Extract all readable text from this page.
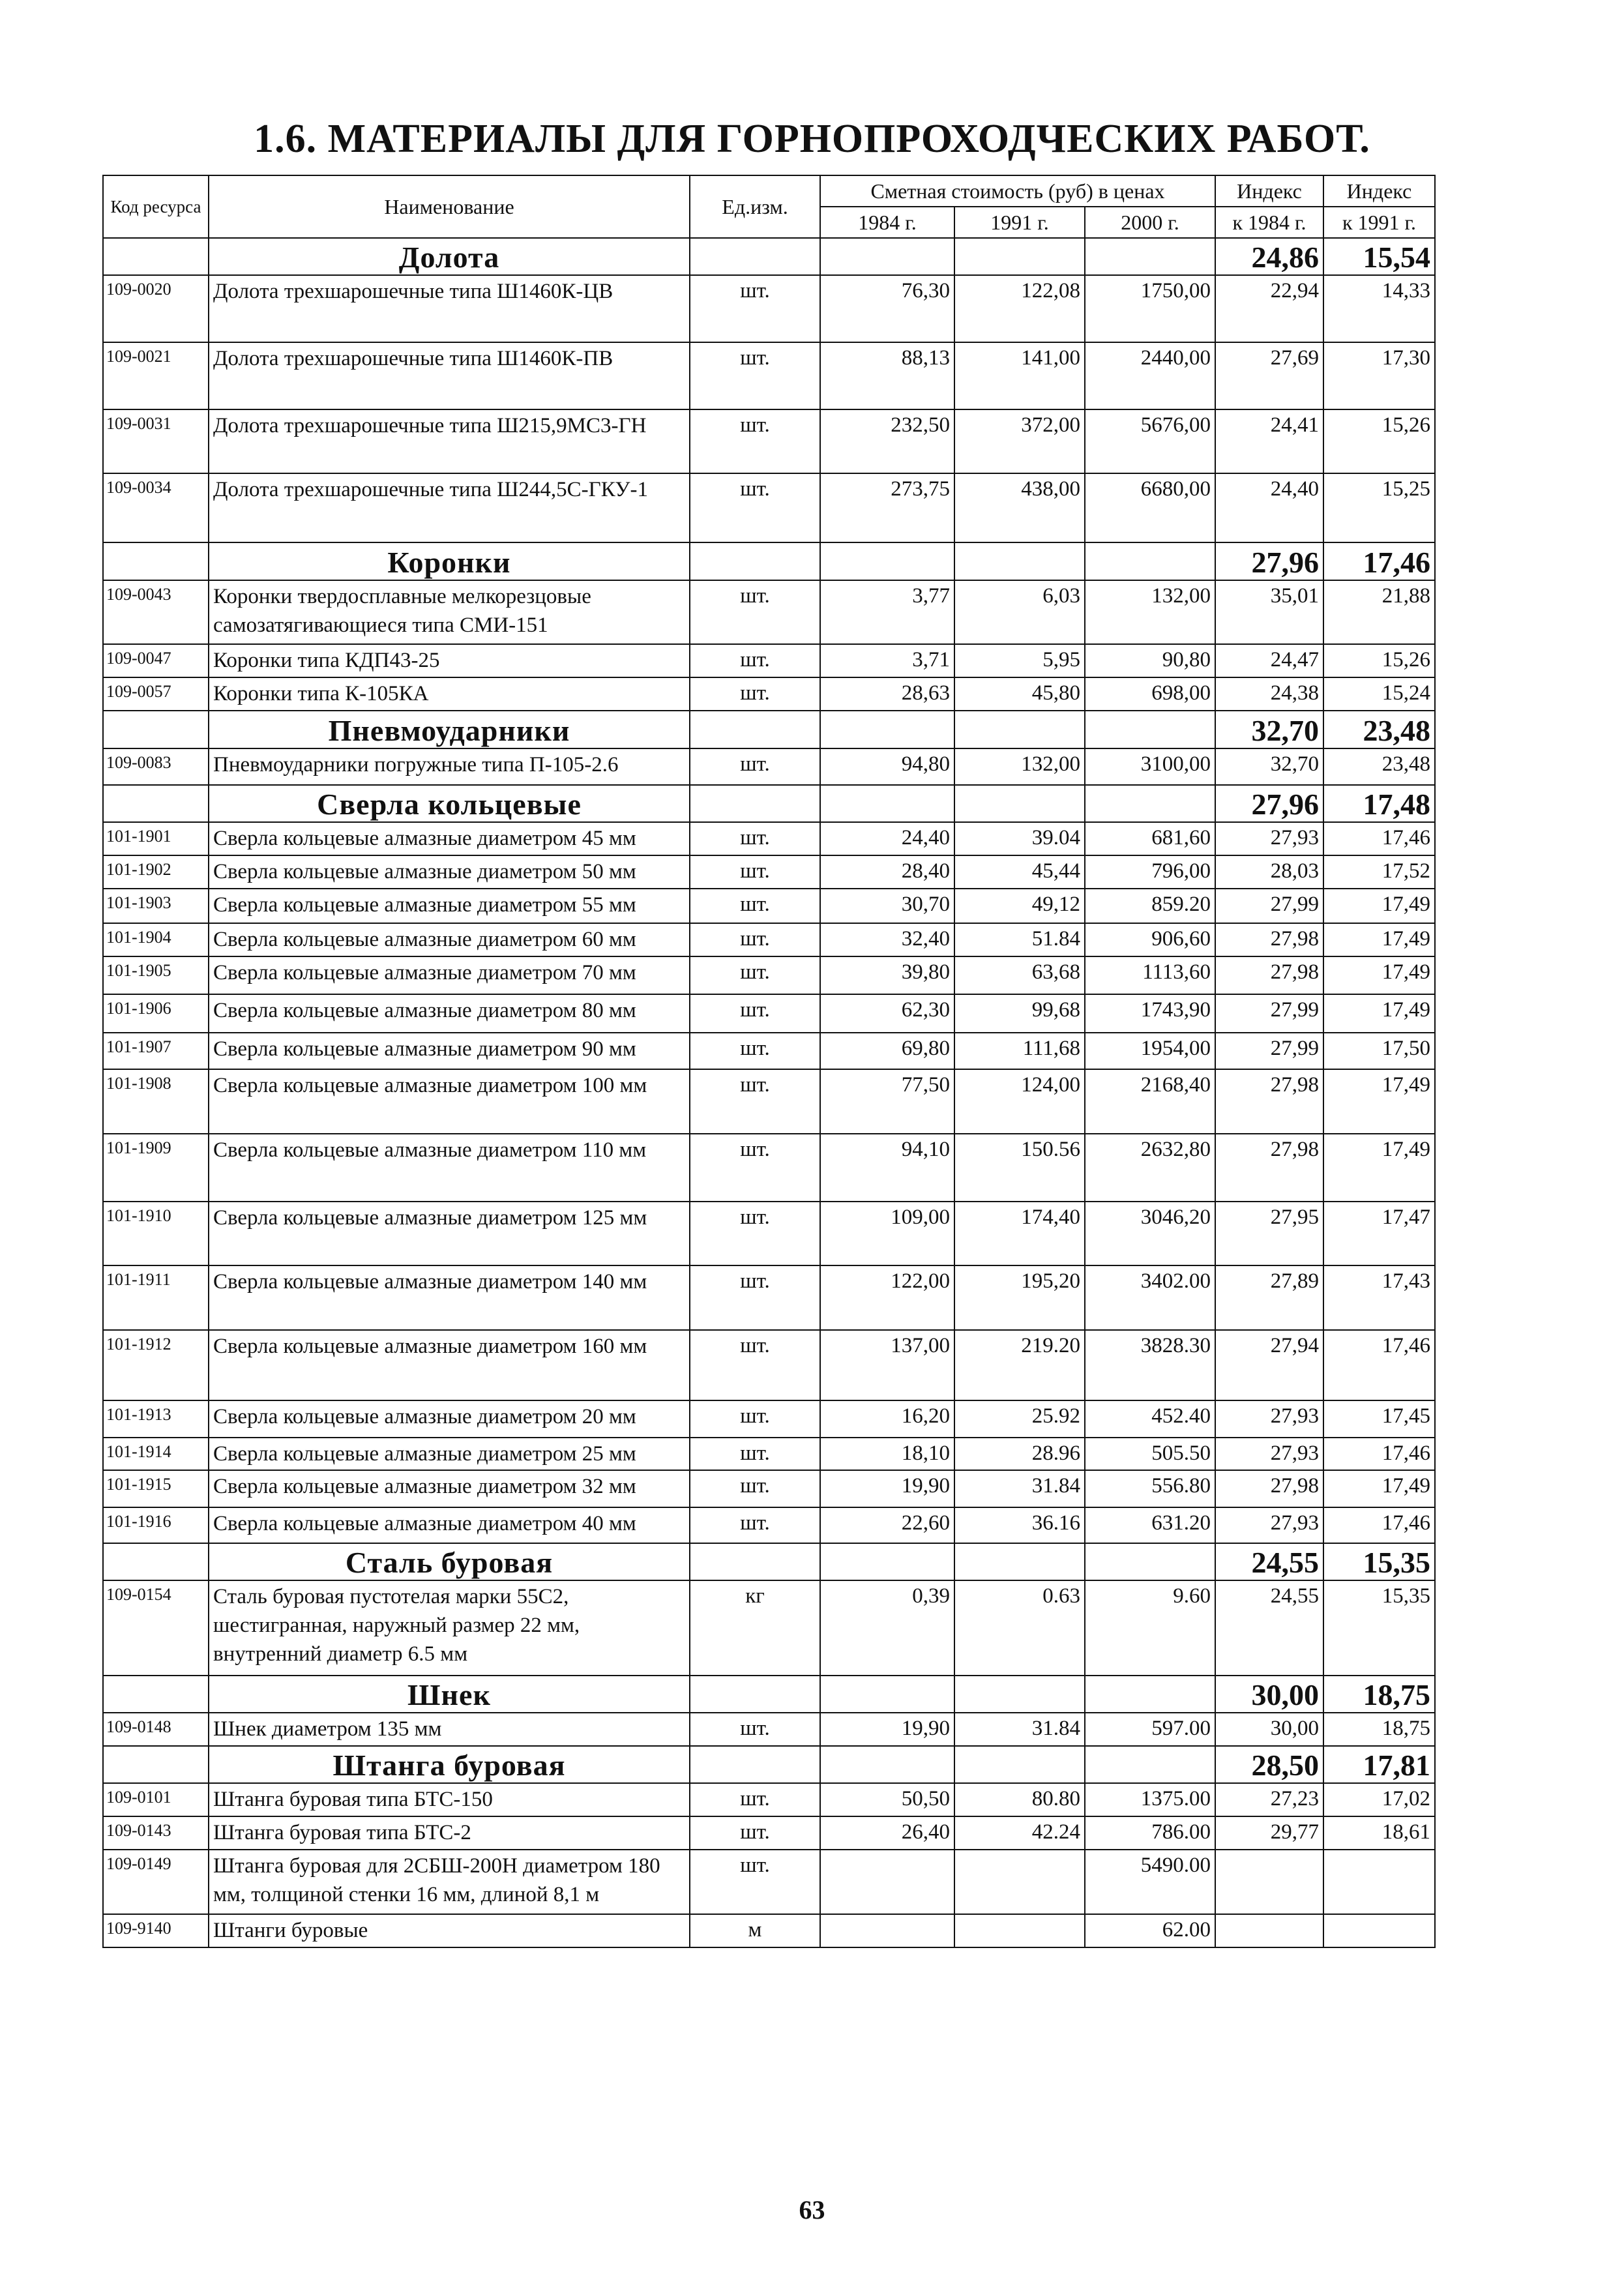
1.6. МАТЕРИАЛЫ ДЛЯ ГОРНОПРОХОДЧЕСКИХ РАБОТ.
Код ресурса	Наименование	Ед.изм.	Сметная стоимость (руб) в ценах			Индекс	Индекс
			1984 г.	1991 г.	2000 г.	к 1984 г.	к 1991 г.
	Долота					24,86	15,54
109-0020	Долота трехшарошечные типа Ш1460К-ЦВ	шт.	76,30	122,08	1750,00	22,94	14,33
109-0021	Долота трехшарошечные типа Ш1460К-ПВ	шт.	88,13	141,00	2440,00	27,69	17,30
109-0031	Долота трехшарошечные типа Ш215,9МС3-ГН	шт.	232,50	372,00	5676,00	24,41	15,26
109-0034	Долота трехшарошечные типа Ш244,5С-ГКУ-1	шт.	273,75	438,00	6680,00	24,40	15,25
	Коронки					27,96	17,46
109-0043	Коронки твердосплавные мелкорезцовые самозатягивающиеся типа СМИ-151	шт.	3,77	6,03	132,00	35,01	21,88
109-0047	Коронки типа КДП43-25	шт.	3,71	5,95	90,80	24,47	15,26
109-0057	Коронки типа К-105КА	шт.	28,63	45,80	698,00	24,38	15,24
	Пневмоударники					32,70	23,48
109-0083	Пневмоударники погружные типа П-105-2.6	шт.	94,80	132,00	3100,00	32,70	23,48
	Сверла кольцевые					27,96	17,48
101-1901	Сверла кольцевые алмазные диаметром 45 мм	шт.	24,40	39.04	681,60	27,93	17,46
101-1902	Сверла кольцевые алмазные диаметром 50 мм	шт.	28,40	45,44	796,00	28,03	17,52
101-1903	Сверла кольцевые алмазные диаметром 55 мм	шт.	30,70	49,12	859.20	27,99	17,49
101-1904	Сверла кольцевые алмазные диаметром 60 мм	шт.	32,40	51.84	906,60	27,98	17,49
101-1905	Сверла кольцевые алмазные диаметром 70 мм	шт.	39,80	63,68	1113,60	27,98	17,49
101-1906	Сверла кольцевые алмазные диаметром 80 мм	шт.	62,30	99,68	1743,90	27,99	17,49
101-1907	Сверла кольцевые алмазные диаметром 90 мм	шт.	69,80	111,68	1954,00	27,99	17,50
101-1908	Сверла кольцевые алмазные диаметром 100 мм	шт.	77,50	124,00	2168,40	27,98	17,49
101-1909	Сверла кольцевые алмазные диаметром 110 мм	шт.	94,10	150.56	2632,80	27,98	17,49
101-1910	Сверла кольцевые алмазные диаметром 125 мм	шт.	109,00	174,40	3046,20	27,95	17,47
101-1911	Сверла кольцевые алмазные диаметром 140 мм	шт.	122,00	195,20	3402.00	27,89	17,43
101-1912	Сверла кольцевые алмазные диаметром 160 мм	шт.	137,00	219.20	3828.30	27,94	17,46
101-1913	Сверла кольцевые алмазные диаметром 20 мм	шт.	16,20	25.92	452.40	27,93	17,45
101-1914	Сверла кольцевые алмазные диаметром 25 мм	шт.	18,10	28.96	505.50	27,93	17,46
101-1915	Сверла кольцевые алмазные диаметром 32 мм	шт.	19,90	31.84	556.80	27,98	17,49
101-1916	Сверла кольцевые алмазные диаметром 40 мм	шт.	22,60	36.16	631.20	27,93	17,46
	Сталь буровая					24,55	15,35
109-0154	Сталь буровая пустотелая марки 55С2, шестигранная, наружный размер 22 мм, внутренний диаметр 6.5 мм	кг	0,39	0.63	9.60	24,55	15,35
	Шнек					30,00	18,75
109-0148	Шнек диаметром 135 мм	шт.	19,90	31.84	597.00	30,00	18,75
	Штанга буровая					28,50	17,81
109-0101	Штанга буровая типа БТС-150	шт.	50,50	80.80	1375.00	27,23	17,02
109-0143	Штанга буровая типа БТС-2	шт.	26,40	42.24	786.00	29,77	18,61
109-0149	Штанга буровая для 2СБШ-200Н диаметром 180 мм, толщиной стенки 16 мм, длиной 8,1 м	шт.			5490.00		
109-9140	Штанги буровые	м			62.00		
63
